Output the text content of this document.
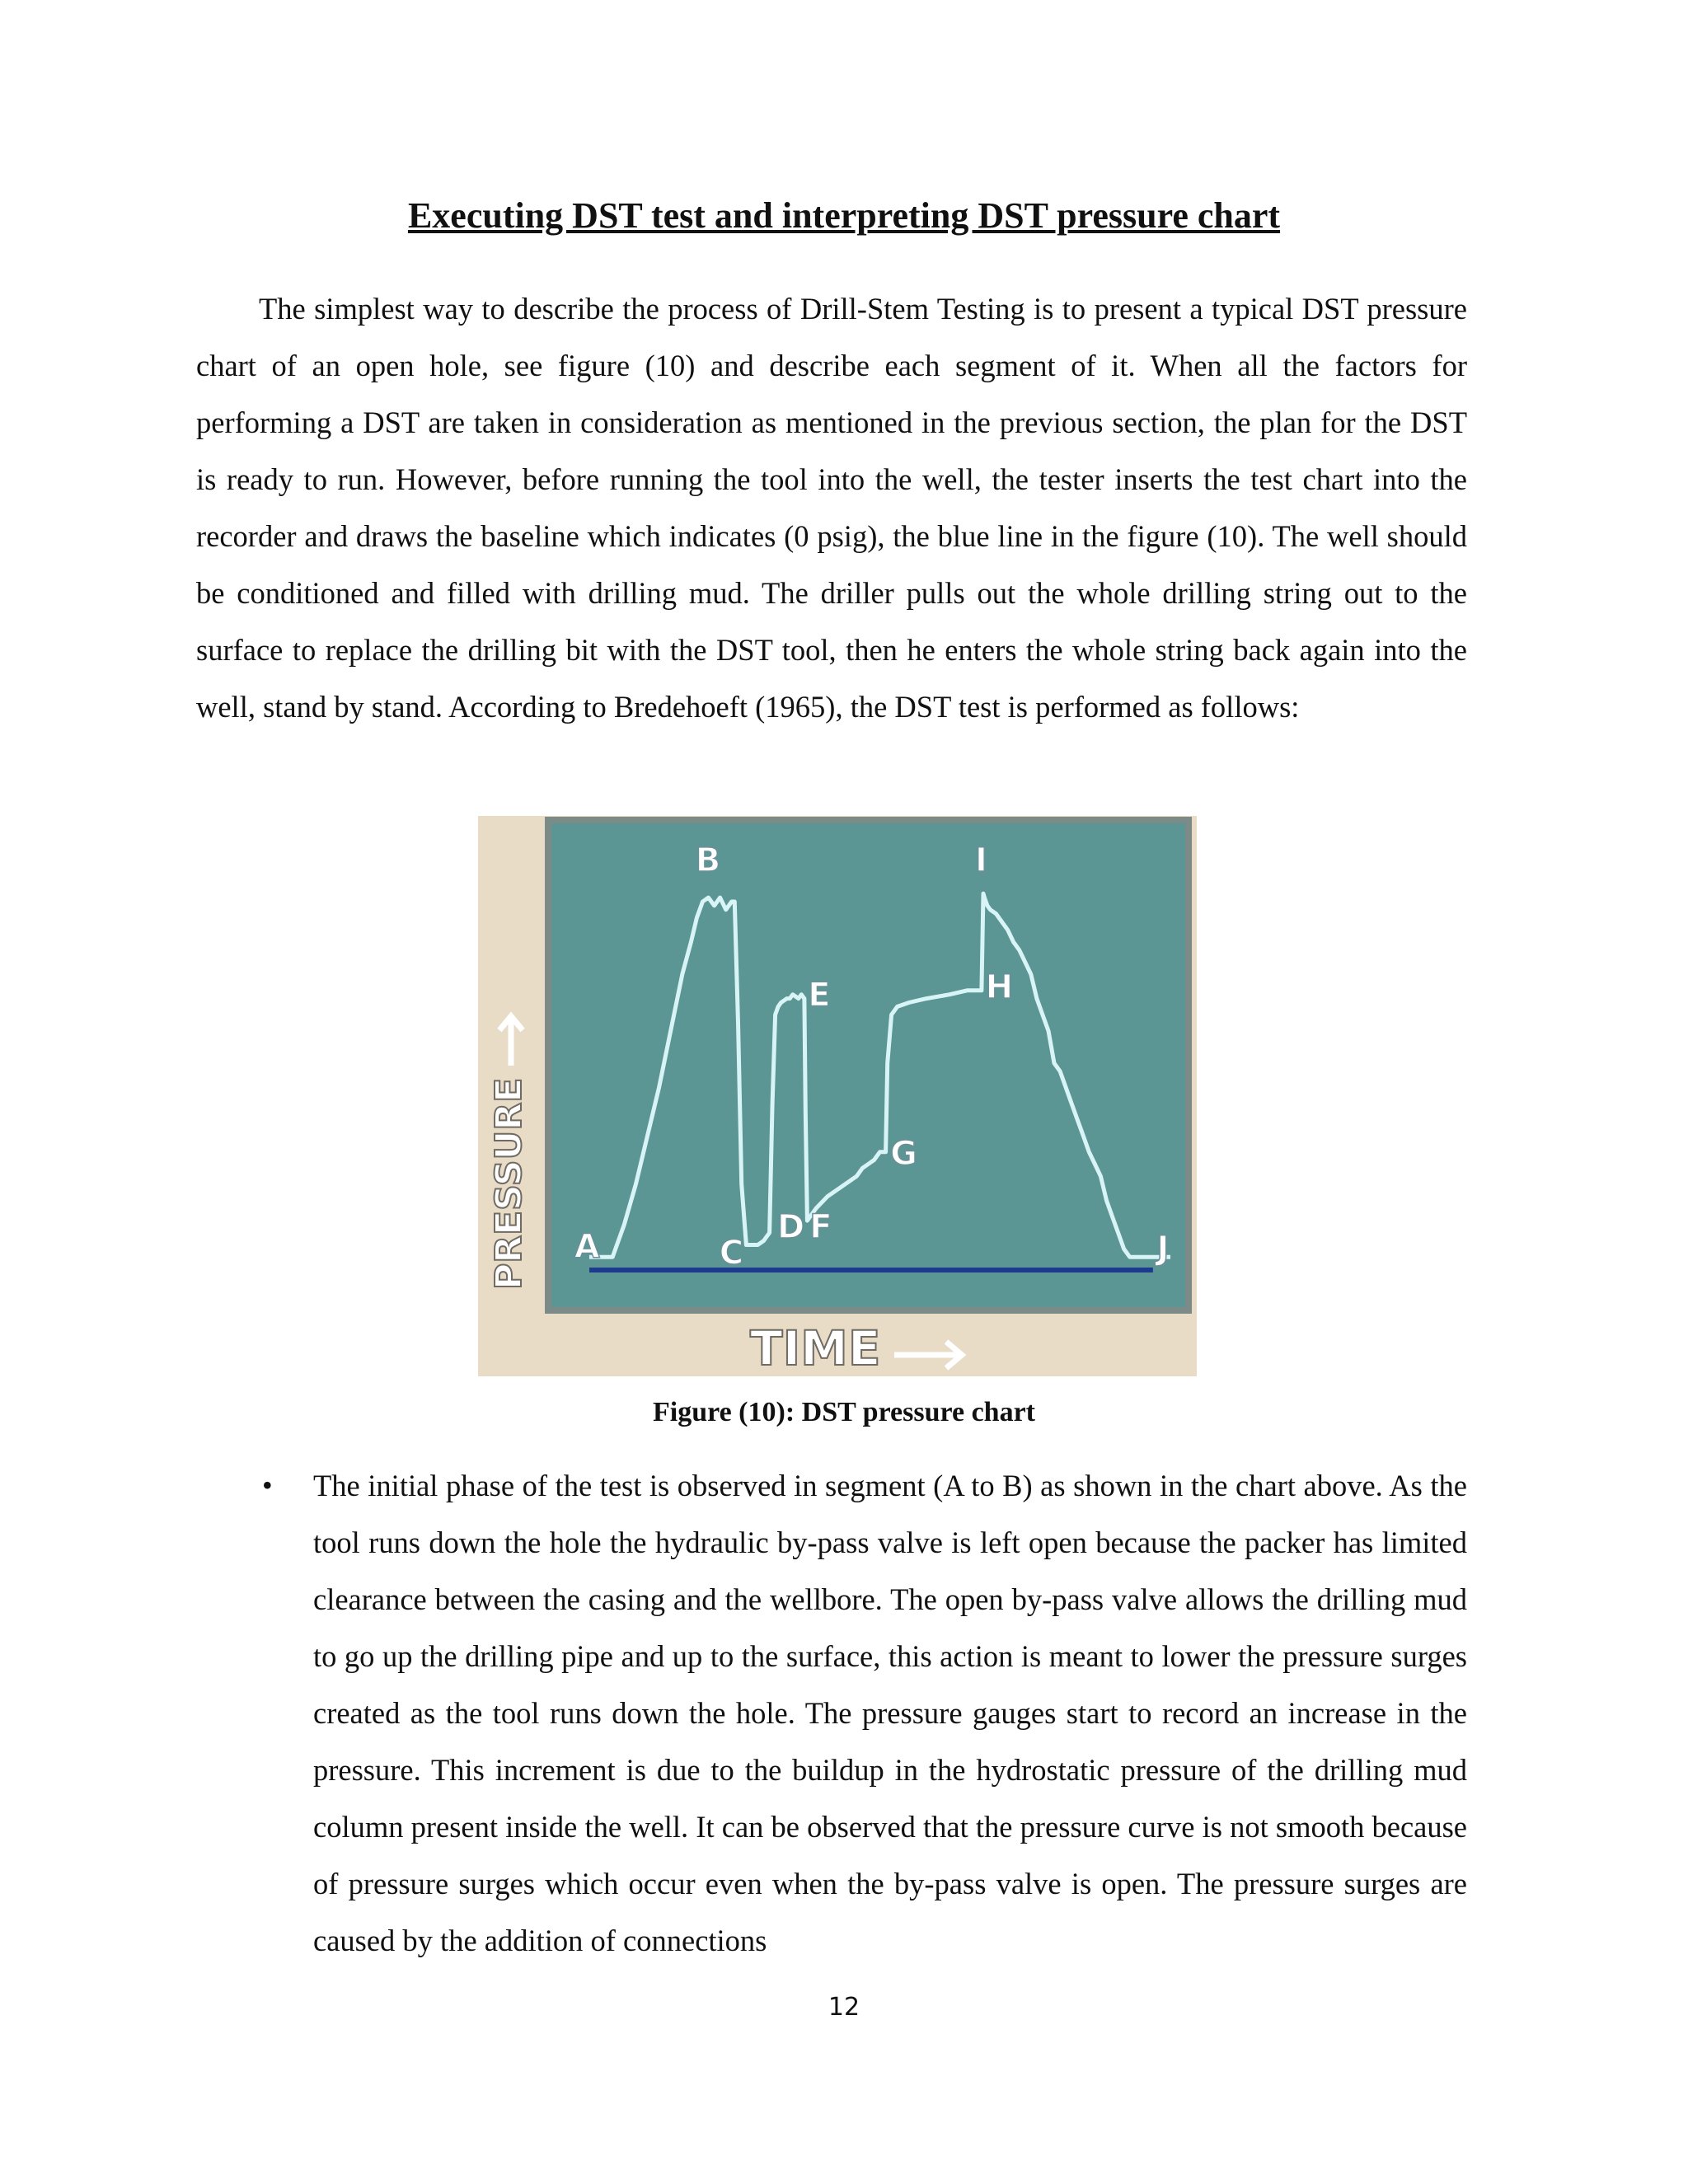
Executing DST test and interpreting DST pressure chart

The simplest way to describe the process of Drill-Stem Testing is to present a typical DST pressure chart of an open hole, see figure (10) and describe each segment of it. When all the factors for performing a DST are taken in consideration as mentioned in the previous section, the plan for the DST is ready to run. However, before running the tool into the well, the tester inserts the test chart into the recorder and draws the baseline which indicates (0 psig), the blue line in the figure (10). The well should be conditioned and filled with drilling mud. The driller pulls out the whole drilling string out to the surface to replace the drilling bit with the DST tool, then he enters the whole string back again into the well, stand by stand. According to Bredehoeft (1965), the DST test is performed as follows:

A
B
C
D
E
F
G
H
I
J
PRESSURE
TIME

Figure (10): DST pressure chart

• The initial phase of the test is observed in segment (A to B) as shown in the chart above. As the tool runs down the hole the hydraulic by-pass valve is left open because the packer has limited clearance between the casing and the wellbore. The open by-pass valve allows the drilling mud to go up the drilling pipe and up to the surface, this action is meant to lower the pressure surges created as the tool runs down the hole. The pressure gauges start to record an increase in the pressure. This increment is due to the buildup in the hydrostatic pressure of the drilling mud column present inside the well. It can be observed that the pressure curve is not smooth because of pressure surges which occur even when the by-pass valve is open. The pressure surges are caused by the addition of connections

12
